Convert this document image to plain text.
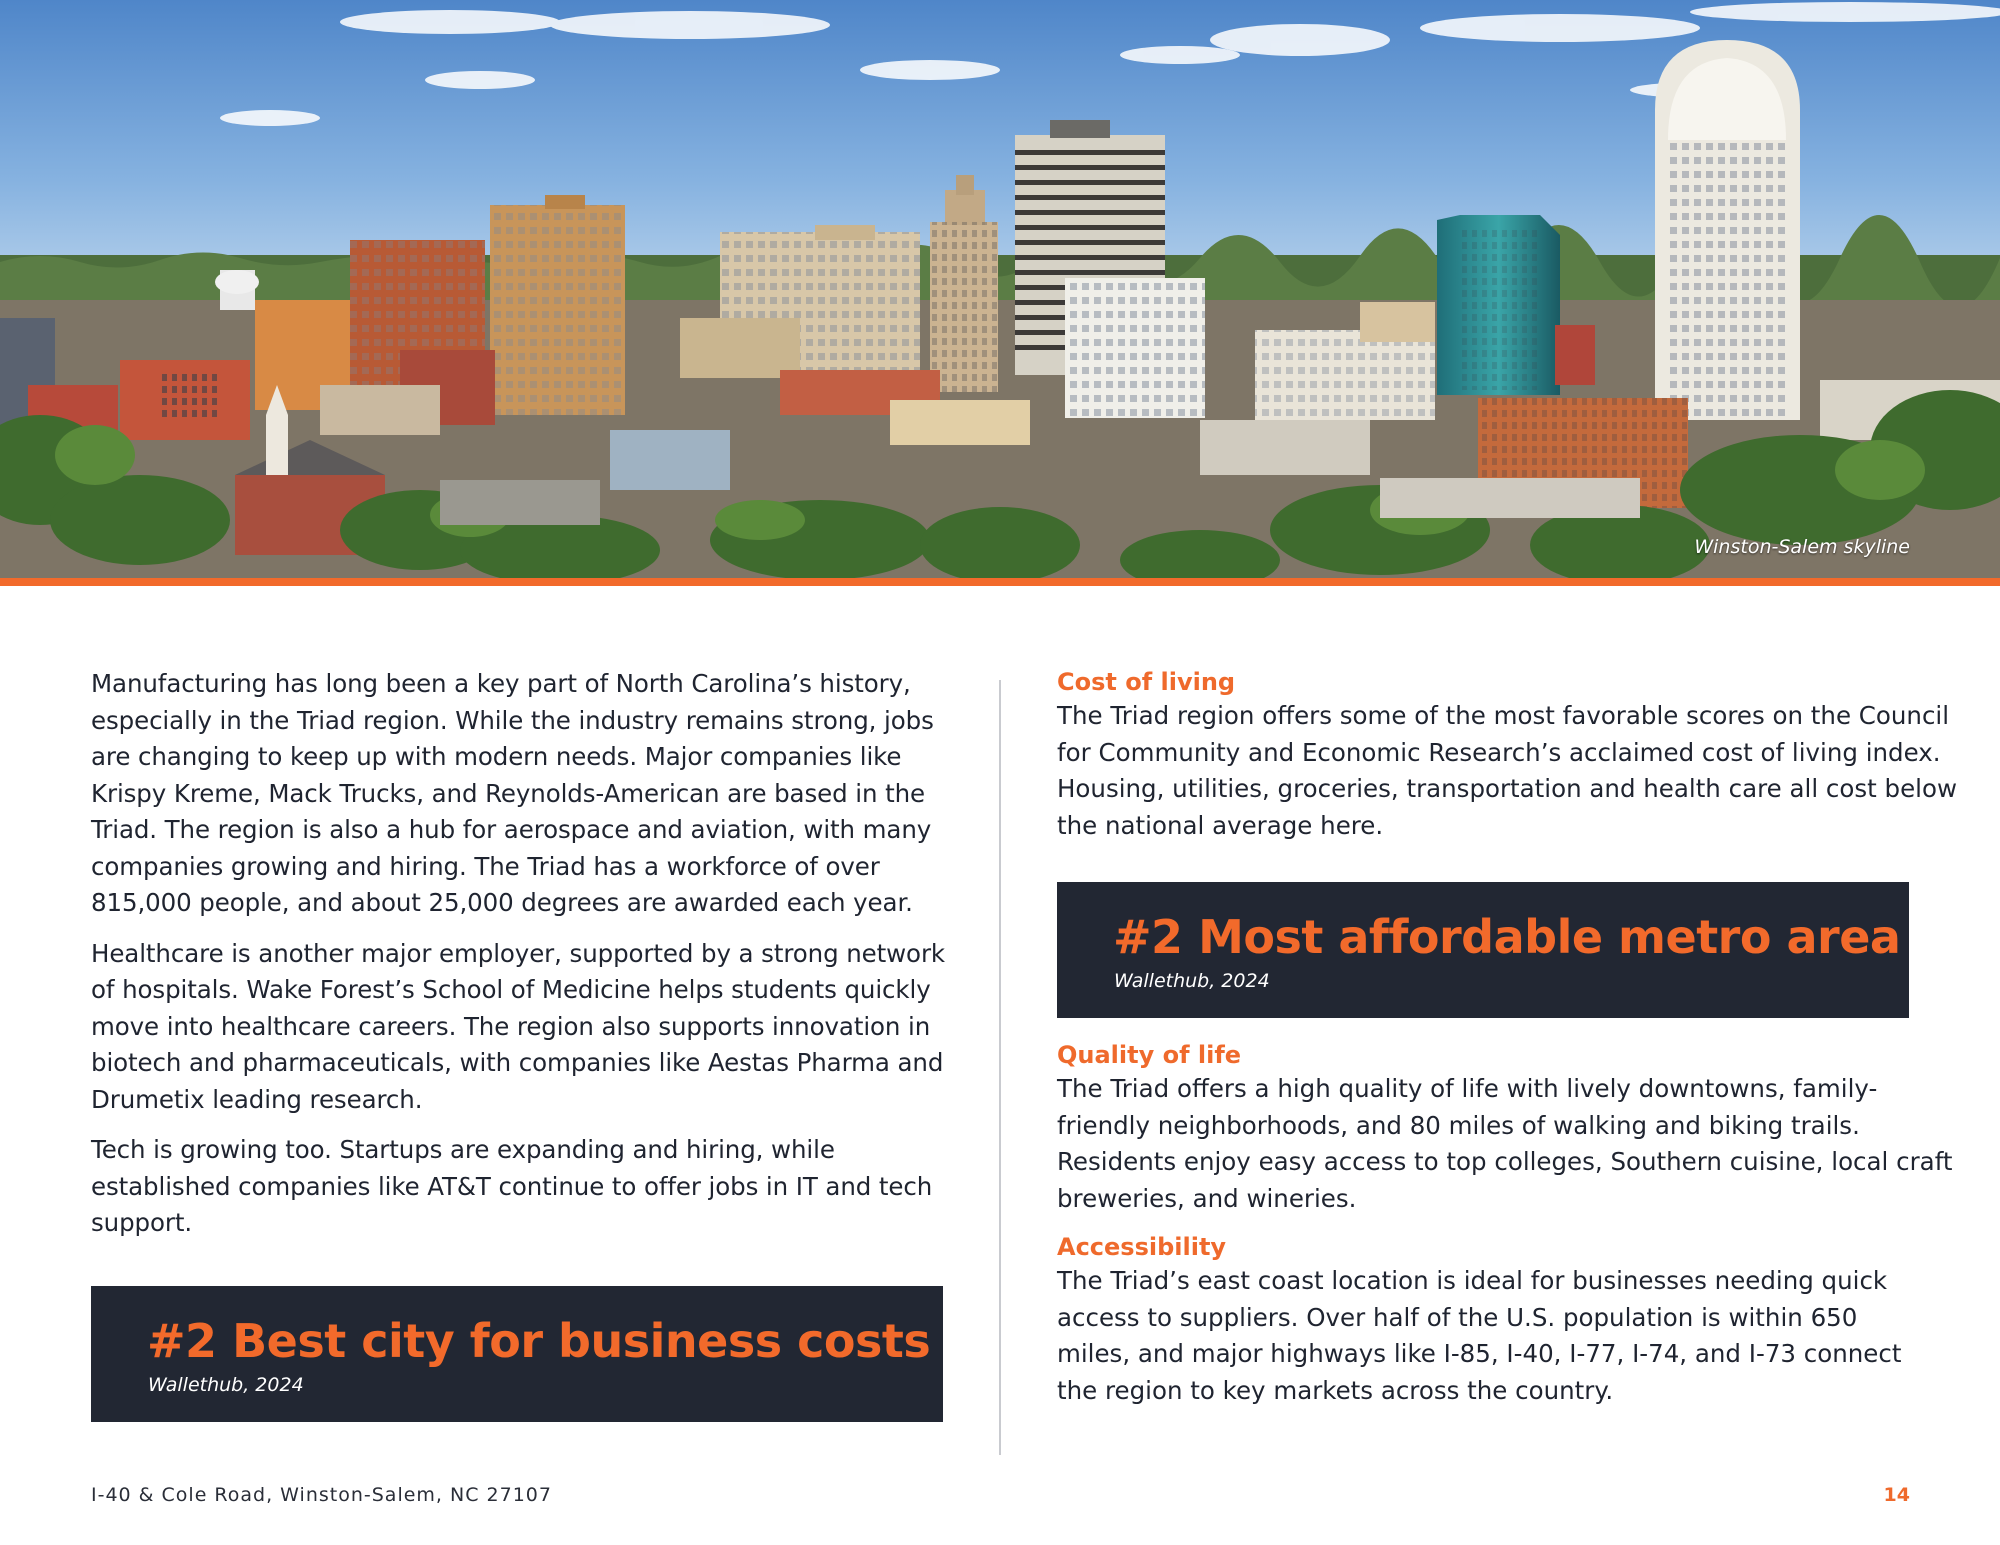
Winston-Salem skyline

Manufacturing has long been a key part of North Carolina’s history, especially in the Triad region. While the industry remains strong, jobs are changing to keep up with modern needs. Major companies like Krispy Kreme, Mack Trucks, and Reynolds-American are based in the Triad. The region is also a hub for aerospace and aviation, with many companies growing and hiring. The Triad has a workforce of over 815,000 people, and about 25,000 degrees are awarded each year.

Healthcare is another major employer, supported by a strong network of hospitals. Wake Forest’s School of Medicine helps students quickly move into healthcare careers. The region also supports innovation in biotech and pharmaceuticals, with companies like Aestas Pharma and Drumetix leading research.

Tech is growing too. Startups are expanding and hiring, while established companies like AT&T continue to offer jobs in IT and tech support.

#2 Best city for business costs
Wallethub, 2024
Cost of living

The Triad region offers some of the most favorable scores on the Council for Community and Economic Research’s acclaimed cost of living index. Housing, utilities, groceries, transportation and health care all cost below the national average here.

Quality of life

The Triad offers a high quality of life with lively downtowns, family-friendly neighborhoods, and 80 miles of walking and biking trails. Residents enjoy easy access to top colleges, Southern cuisine, local craft breweries, and wineries.

Accessibility

The Triad’s east coast location is ideal for businesses needing quick access to suppliers. Over half of the U.S. population is within 650 miles, and major highways like I-85, I-40, I-77, I-74, and I-73 connect the region to key markets across the country.

#2 Most affordable metro area
Wallethub, 2024
I-40 & Cole Road, Winston-Salem, NC 27107	14
